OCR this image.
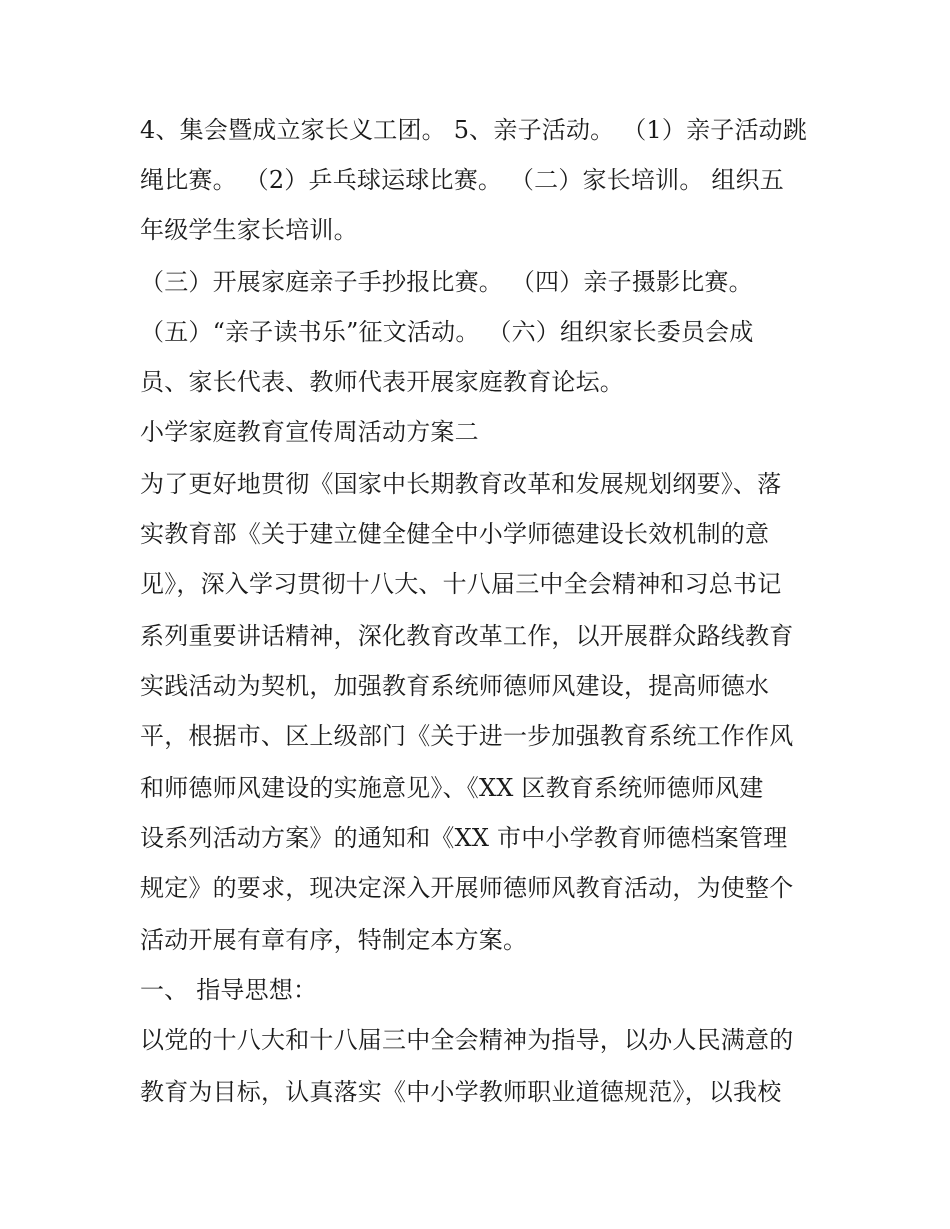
4、集会暨成立家长义工团。 5、亲子活动。 （1）亲子活动跳
绳比赛。 （2）乒乓球运球比赛。 （二）家长培训。 组织五
年级学生家长培训。
（三）开展家庭亲子手抄报比赛。 （四）亲子摄影比赛。
（五）“亲子读书乐”征文活动。 （六）组织家长委员会成
员、家长代表、教师代表开展家庭教育论坛。
小学家庭教育宣传周活动方案二
为了更好地贯彻《国家中长期教育改革和发展规划纲要》、落
实教育部《关于建立健全健全中小学师德建设长效机制的意
见》，深入学习贯彻十八大、十八届三中全会精神和习总书记
系列重要讲话精神，深化教育改革工作，以开展群众路线教育
实践活动为契机，加强教育系统师德师风建设，提高师德水
平，根据市、区上级部门《关于进一步加强教育系统工作作风
和师德师风建设的实施意见》、《XX 区教育系统师德师风建
设系列活动方案》的通知和《XX 市中小学教育师德档案管理
规定》的要求，现决定深入开展师德师风教育活动，为使整个
活动开展有章有序，特制定本方案。
一、 指导思想：
以党的十八大和十八届三中全会精神为指导，以办人民满意的
教育为目标，认真落实《中小学教师职业道德规范》，以我校
